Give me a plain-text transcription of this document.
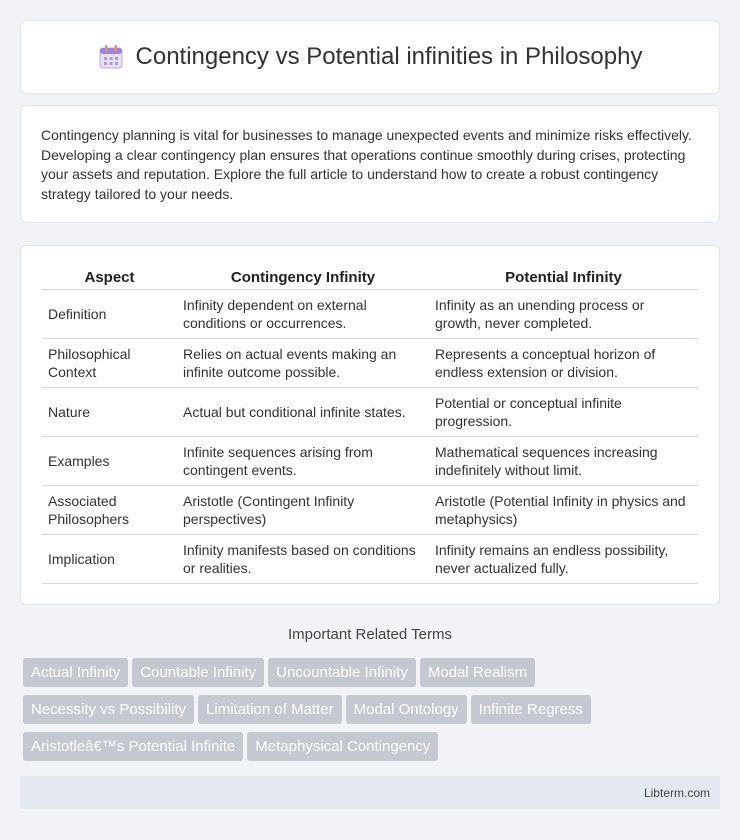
Contingency vs Potential infinities in Philosophy

Contingency planning is vital for businesses to manage unexpected events and minimize risks effectively. Developing a clear contingency plan ensures that operations continue smoothly during crises, protecting your assets and reputation. Explore the full article to understand how to create a robust contingency strategy tailored to your needs.

Aspect	Contingency Infinity	Potential Infinity
Definition	Infinity dependent on external conditions or occurrences.	Infinity as an unending process or growth, never completed.
Philosophical Context	Relies on actual events making an infinite outcome possible.	Represents a conceptual horizon of endless extension or division.
Nature	Actual but conditional infinite states.	Potential or conceptual infinite progression.
Examples	Infinite sequences arising from contingent events.	Mathematical sequences increasing indefinitely without limit.
Associated Philosophers	Aristotle (Contingent Infinity perspectives)	Aristotle (Potential Infinity in physics and metaphysics)
Implication	Infinity manifests based on conditions or realities.	Infinity remains an endless possibility, never actualized fully.
Important Related Terms
Actual Infinity Countable Infinity Uncountable Infinity Modal Realism
Necessity vs Possibility Limitation of Matter Modal Ontology Infinite Regress
Aristotleâ€™s Potential Infinite Metaphysical Contingency
Libterm.com
